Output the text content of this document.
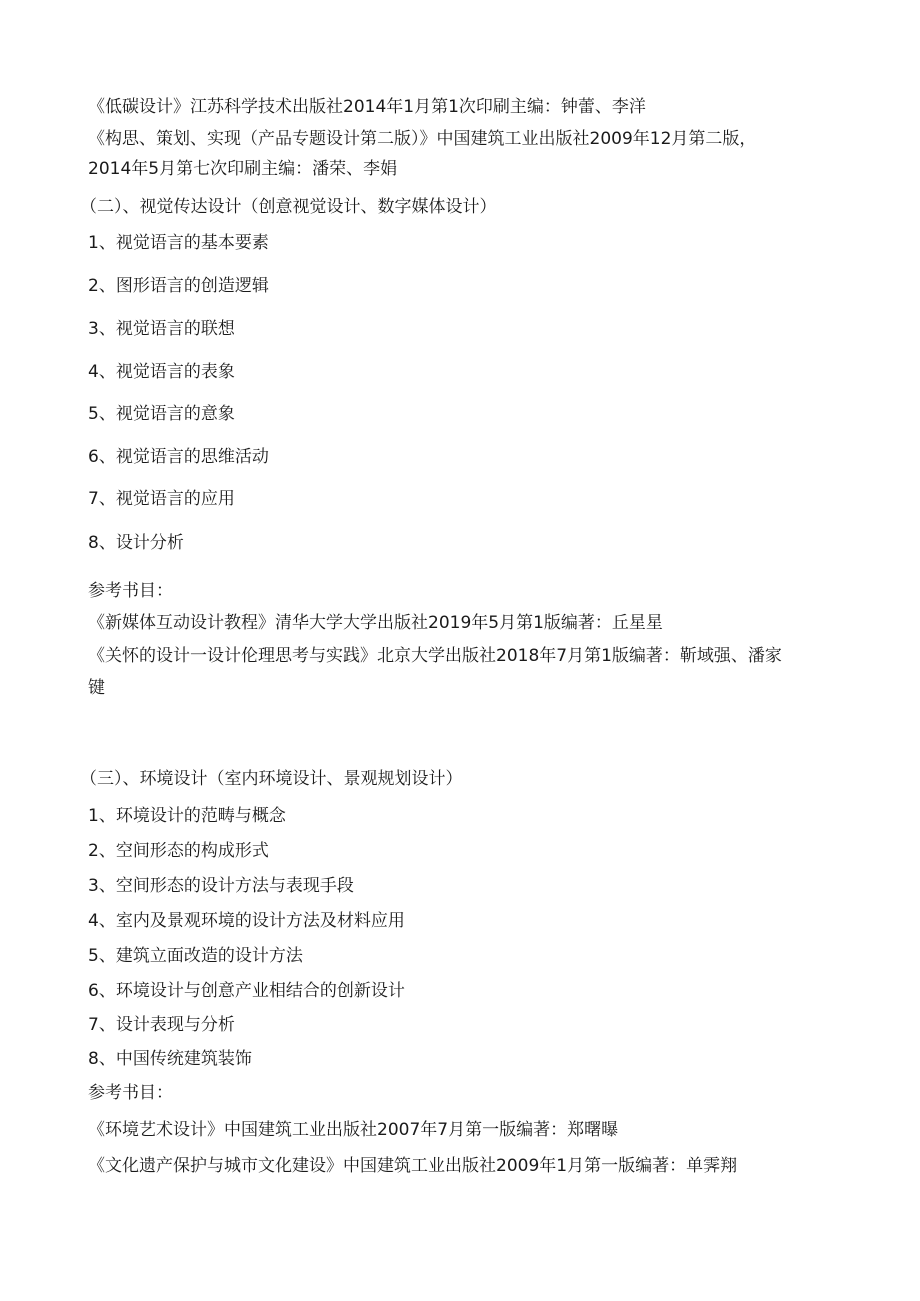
《低碳设计》江苏科学技术出版社2014年1月第1次印刷主编：钟蕾、李洋
《构思、策划、实现（产品专题设计第二版）》中国建筑工业出版社2009年12月第二版，
2014年5月第七次印刷主编：潘荣、李娟
（二）、视觉传达设计（创意视觉设计、数字媒体设计）
1、视觉语言的基本要素
2、图形语言的创造逻辑
3、视觉语言的联想
4、视觉语言的表象
5、视觉语言的意象
6、视觉语言的思维活动
7、视觉语言的应用
8、设计分析
参考书目：
《新媒体互动设计教程》清华大学大学出版社2019年5月第1版编著：丘星星
《关怀的设计一设计伦理思考与实践》北京大学出版社2018年7月第1版编著：靳域强、潘家
键
（三）、环境设计（室内环境设计、景观规划设计）
1、环境设计的范畴与概念
2、空间形态的构成形式
3、空间形态的设计方法与表现手段
4、室内及景观环境的设计方法及材料应用
5、建筑立面改造的设计方法
6、环境设计与创意产业相结合的创新设计
7、设计表现与分析
8、中国传统建筑装饰
参考书目：
《环境艺术设计》中国建筑工业出版社2007年7月第一版编著：郑曙曝
《文化遗产保护与城市文化建设》中国建筑工业出版社2009年1月第一版编著：单霁翔
